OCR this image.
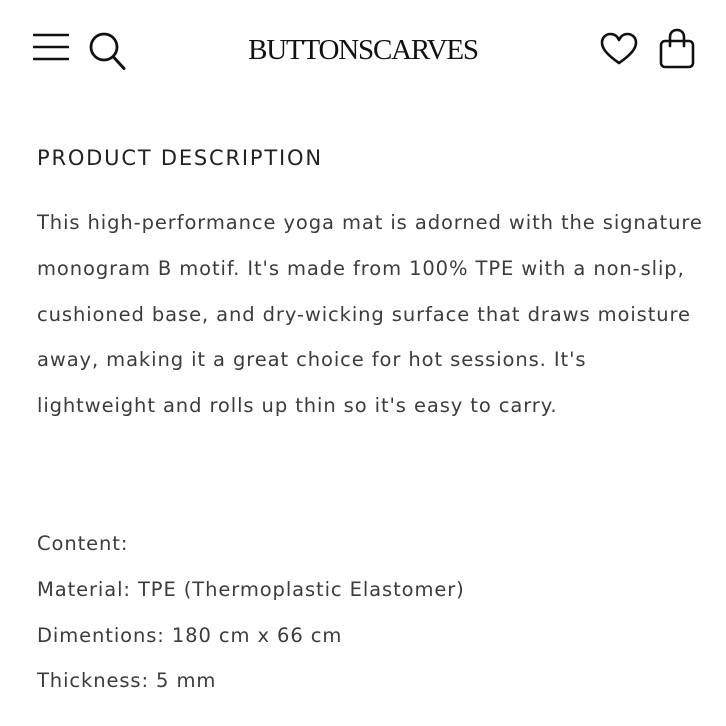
BUTTONSCARVES
PRODUCT DESCRIPTION

This high-performance yoga mat is adorned with the signature monogram B motif. It's made from 100% TPE with a non-slip, cushioned base, and dry-wicking surface that draws moisture away, making it a great choice for hot sessions. It's lightweight and rolls up thin so it's easy to carry.

Content:
Material: TPE (Thermoplastic Elastomer)
Dimentions: 180 cm x 66 cm
Thickness: 5 mm
